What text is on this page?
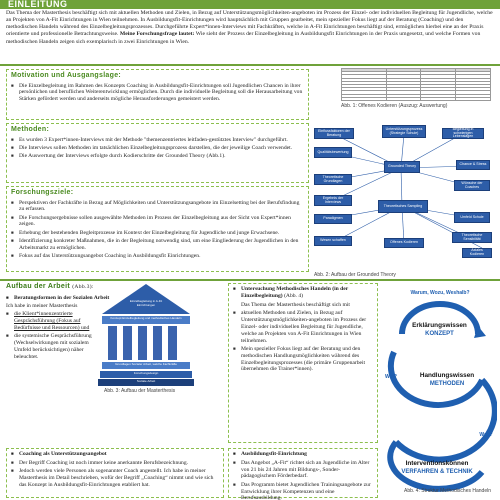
EINLEITUNG
Das Thema der Masterthesis beschäftigt sich mit aktuellen Methoden und Zielen, in Bezug auf Unterstützungsmöglichkeiten-angeboten im Prozess der Einzel- oder individuellen Begleitung für Jugendliche, welche an Projekten von A-Fit Einrichtungen in Wien teilnehmen. In Ausbildungsfit-Einrichtungen wird hauptsächlich mit Gruppen gearbeitet, mein spezieller Fokus liegt auf der Beratung (Coaching) und den methodischen Handeln während des Einzelbegleitungsprozesses. Durchgeführte Expert*innen-Interviews mit Fachkräften, welche in A-Fit Einrichtungen beschäftigt sind, ermöglichen hierbei eine an der Praxis orientierte und professionelle Betrachtungsweise. Meine Forschungsfrage lautet: Wie sieht der Prozess der Einzelbegleitung in Ausbildungsfit Einrichtungen in der Praxis umgesetzt, und welche Formen von methodischen Handeln zeigen sich exemplarisch in zwei Einrichtungen in Wien.
Motivation und Ausgangslage:
■ Die Einzelbegleitung im Rahmen des Konzepts Coaching in Ausbildungsfit-Einrichtungen soll Jugendlichen Chancen in ihrer persönlichen und beruflichen Weiterentwicklung ermöglichen. Durch die individuelle Begleitung soll die Herausarbeitung von Stärken gefördert werden und anderseits mögliche Herausforderungen gemeistert werden.

Abb. 1: Offenes Kodieren (Auszug: Auswertung)
Methoden:
■ Es wurden 3 Expert*innen-Interviews mit der Methode "themenzentriertes leitfaden-gestütztes Interview" durchgeführt.
■ Die Interviews sollen Methoden im tatsächlichen Einzelbegleitungsprozess darstellen, die der jeweilige Coach verwendet.
■ Die Auswertung der Interviews erfolgte durch Kodierschritte der Grounded Theory (Abb.1).
Forschungsziele:
■ Perspektiven der Fachkräfte in Bezug auf Möglichkeiten und Unterstützungsangebote im Einzelsetting bei der Berufsfindung zu erfassen.
■ Die Forschungsergebnisse sollen ausgewählte Methoden im Prozess der Einzelbegleitung aus der Sicht von Expert*innen zeigen.
■ Erhebung der bestehenden Begleitprozesse im Kontext der Einzelbegleitung für Jugendliche und junge Erwachsene.
■ Identifizierung konkreter Maßnahmen, die in der Begleitung notwendig sind, um eine Eingliederung der Jugendlichen in den Arbeitsmarkt zu ermöglichen.
■ Fokus auf das Unterstützungsangebot Coaching in Ausbildungsfit Einrichtungen.
Einflussfaktoren der Beratung
Unterstützungsprozess (Strategie Schule)
Begleitung in schwierigen Lebenslagen
Qualitätsbewertung
Grounded Theory	Chance & Stress
Theoretische Grundlagen
Wünsche der Coaches
Ergebnis der Interviews
Umfeld Schule
Theoretisches Sampling
Paradigmen
Offenes Kodieren
Theoretische Sensibilität
Wesen schaffen
Axiales Kodieren
Abb. 2: Aufbau der Grounded Theory
Aufbau der Arbeit (Abb.3):
■ Beratungsformen in der Sozialen Arbeit
Ich habe in meiner Masterthesis
■ die Klient*innenzentrierte Gesprächsführung (Fokus auf Bedürfnisse und Ressourcen) und
■ die systemische Gesprächsführung (Wechselwirkungen mit sozialem Umfeld berücksichtigen) näher beleuchtet.
Einzelbegleitung in A-Fit Einrichtungen
Konzept Einzelbegleitung und methodisches Handeln
Grundlagen Sozialer Arbeit, welche Fachkräfte
Forschungsdesign
Soziale Arbeit
Abb. 3: Aufbau der Masterthesis
■ Untersuchung Methodisches Handeln (in der Einzelbegleitung) (Abb. 4)
Das Thema der Masterthesis beschäftigt sich mit
■ aktuellen Methoden und Zielen, in Bezug auf Unterstützungsmöglichkeiten-angeboten im Prozess der Einzel- oder individuellen Begleitung für Jugendliche, welche an Projekten von A-Fit Einrichtungen in Wien teilnehmen.
■ Mein spezieller Fokus liegt auf der Beratung und den methodischen Handlungsmöglichkeiten während des Einzelbegleitungsprozesses (die primäre Gruppenarbeit übernehmen die Trainer*innen).
Warum, Wozu, Weshalb?
Erklärungswissen
KONZEPT
Wie?	Handlungswissen
METHODEN
Was?
Interventionskönnen
VERFAHREN & TECHNIK
Abb. 4: Struktur Methodisches Handeln
■ Coaching als Unterstützungsangebot
■ Der Begriff Coaching ist noch immer keine anerkannte Berufsbezeichnung.
■ Jedoch werden viele Personen als sogenannter Coach angestellt. Ich habe in meiner Masterthesis im Detail beschrieben, wofür der Begriff „Coaching“ nimmt und wie sich das Konzept in Ausbildungsfit-Einrichtungen etabliert hat.
■ Ausbildungsfit-Einrichtung
■ Das Angebot „A-Fit“ richtet sich an Jugendliche im Alter von 21 bis 24 Jahren mit Bildungs-, Sonder-pädagogischem Förderbedarf.
■ Das Programm bietet Jugendlichen Trainingsangebote zur Entwicklung ihrer Kompetenzen und eine Berufsausbildung.
